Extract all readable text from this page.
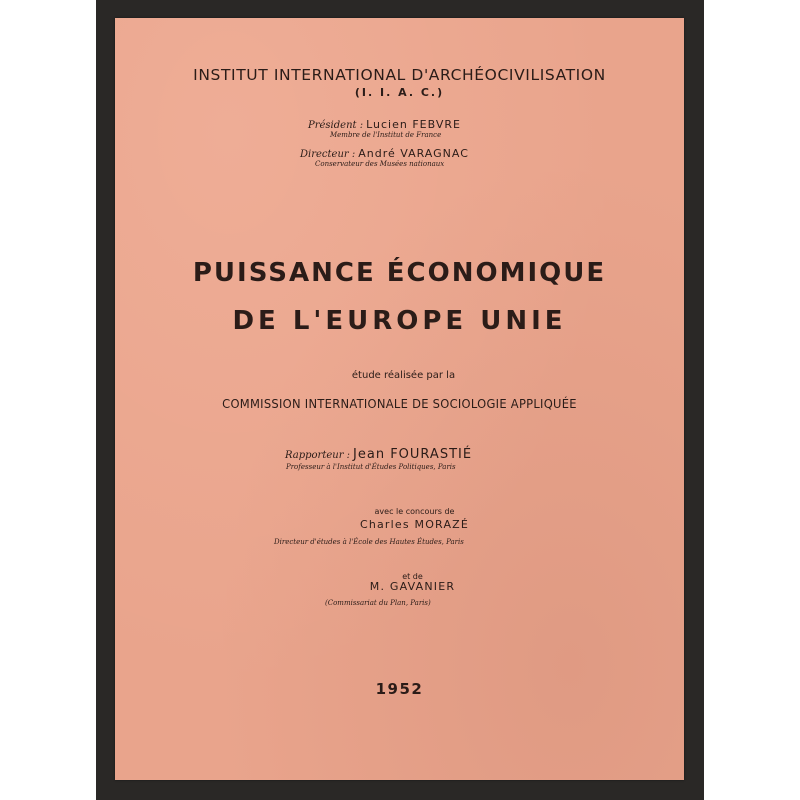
INSTITUT INTERNATIONAL D'ARCHÉOCIVILISATION
(I. I. A. C.)
Président : Lucien FEBVRE
Membre de l'Institut de France
Directeur : André VARAGNAC
Conservateur des Musées nationaux
PUISSANCE ÉCONOMIQUE
DE L'EUROPE UNIE
étude réalisée par la
COMMISSION INTERNATIONALE DE SOCIOLOGIE APPLIQUÉE
Rapporteur : Jean FOURASTIÉ
Professeur à l'Institut d'Études Politiques, Paris
avec le concours de
Charles MORAZÉ
Directeur d'études à l'École des Hautes Études, Paris
et de
M. GAVANIER
(Commissariat du Plan, Paris)
1952
